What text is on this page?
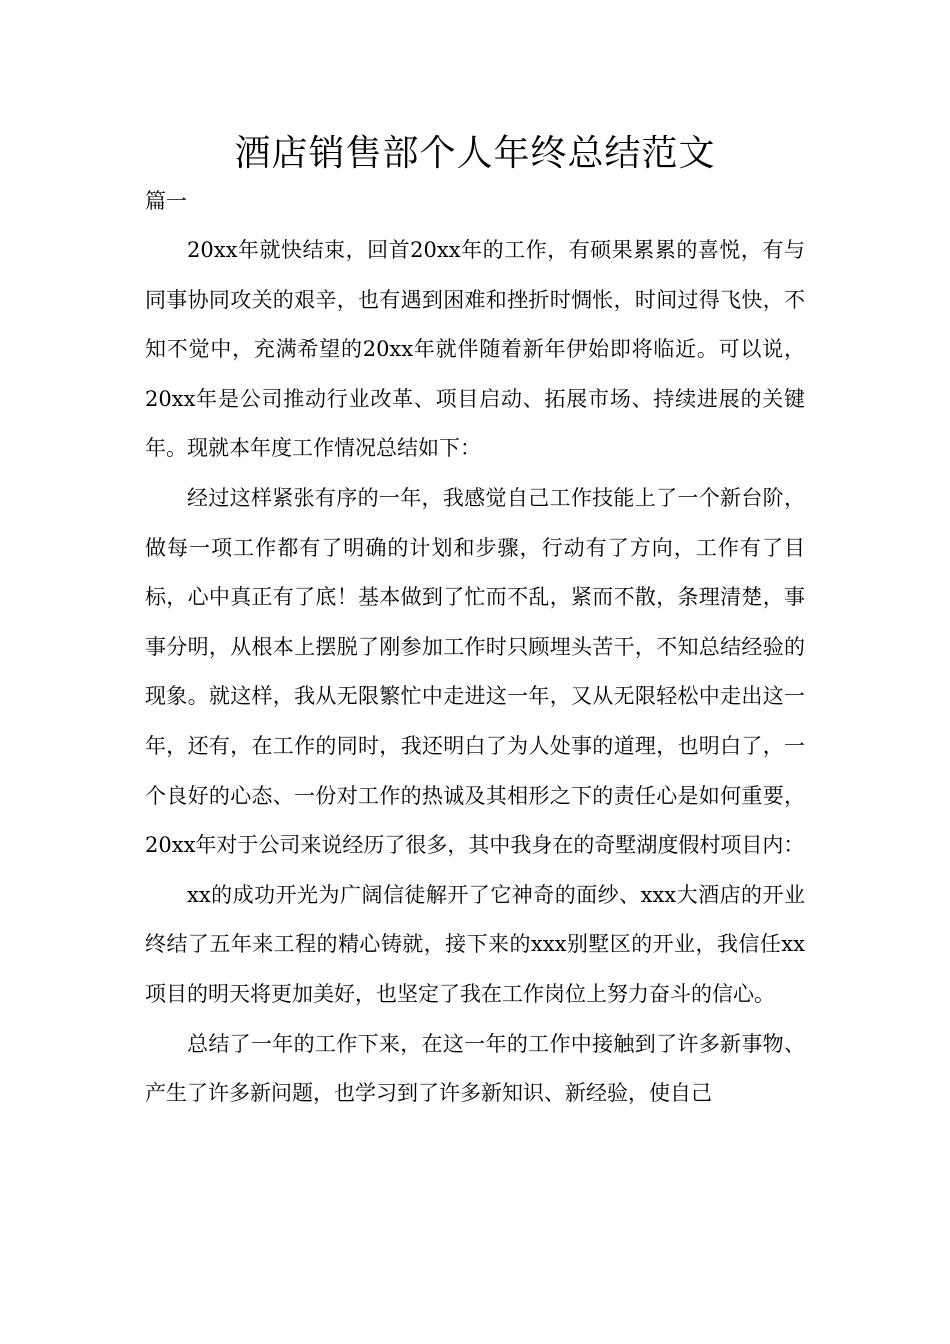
酒店销售部个人年终总结范文
篇一

20xx年就快结束，回首20xx年的工作，有硕果累累的喜悦，有与同事协同攻关的艰辛，也有遇到困难和挫折时惆怅，时间过得飞快，不知不觉中，充满希望的20xx年就伴随着新年伊始即将临近。可以说，20xx年是公司推动行业改革、项目启动、拓展市场、持续进展的关键年。现就本年度工作情况总结如下：

经过这样紧张有序的一年，我感觉自己工作技能上了一个新台阶，做每一项工作都有了明确的计划和步骤，行动有了方向，工作有了目标，心中真正有了底！基本做到了忙而不乱，紧而不散，条理清楚，事事分明，从根本上摆脱了刚参加工作时只顾埋头苦干，不知总结经验的现象。就这样，我从无限繁忙中走进这一年，又从无限轻松中走出这一年，还有，在工作的同时，我还明白了为人处事的道理，也明白了，一个良好的心态、一份对工作的热诚及其相形之下的责任心是如何重要，20xx年对于公司来说经历了很多，其中我身在的奇墅湖度假村项目内：

xx的成功开光为广阔信徒解开了它神奇的面纱、xxx大酒店的开业终结了五年来工程的精心铸就，接下来的xxx别墅区的开业，我信任xx项目的明天将更加美好，也坚定了我在工作岗位上努力奋斗的信心。

总结了一年的工作下来，在这一年的工作中接触到了许多新事物、产生了许多新问题，也学习到了许多新知识、新经验，使自己
